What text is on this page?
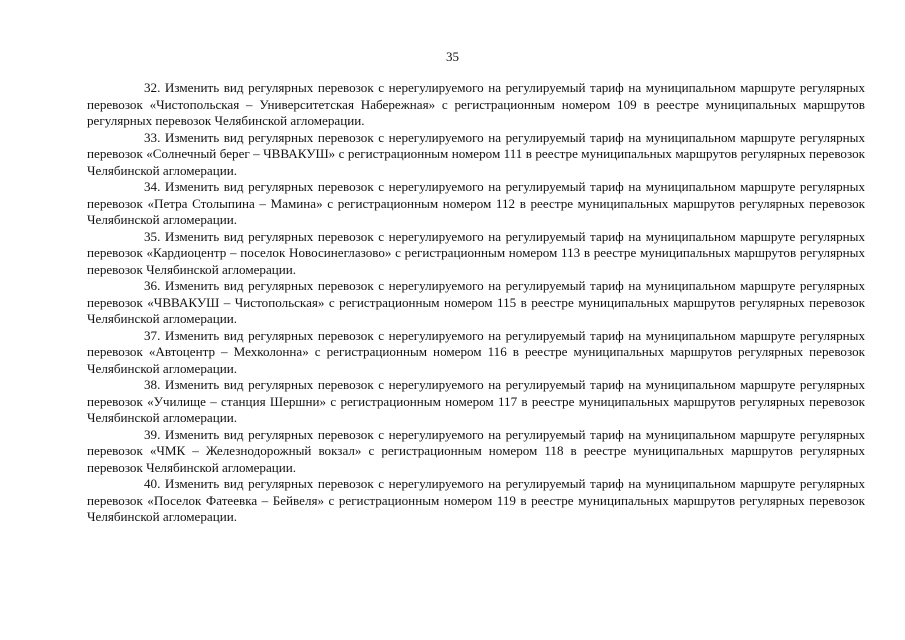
35

32. Изменить вид регулярных перевозок с нерегулируемого на регулируемый тариф на муниципальном маршруте регулярных перевозок «Чистопольская – Университетская Набережная» с регистрационным номером 109 в реестре муниципальных маршрутов регулярных перевозок Челябинской агломерации.

33. Изменить вид регулярных перевозок с нерегулируемого на регулируемый тариф на муниципальном маршруте регулярных перевозок «Солнечный берег – ЧВВАКУШ» с регистрационным номером 111 в реестре муниципальных маршрутов регулярных перевозок Челябинской агломерации.

34. Изменить вид регулярных перевозок с нерегулируемого на регулируемый тариф на муниципальном маршруте регулярных перевозок «Петра Столыпина – Мамина» с регистрационным номером 112 в реестре муниципальных маршрутов регулярных перевозок Челябинской агломерации.

35. Изменить вид регулярных перевозок с нерегулируемого на регулируемый тариф на муниципальном маршруте регулярных перевозок «Кардиоцентр – поселок Новосинеглазово» с регистрационным номером 113 в реестре муниципальных маршрутов регулярных перевозок Челябинской агломерации.

36. Изменить вид регулярных перевозок с нерегулируемого на регулируемый тариф на муниципальном маршруте регулярных перевозок «ЧВВАКУШ – Чистопольская» с регистрационным номером 115 в реестре муниципальных маршрутов регулярных перевозок Челябинской агломерации.

37. Изменить вид регулярных перевозок с нерегулируемого на регулируемый тариф на муниципальном маршруте регулярных перевозок «Автоцентр – Мехколонна» с регистрационным номером 116 в реестре муниципальных маршрутов регулярных перевозок Челябинской агломерации.

38. Изменить вид регулярных перевозок с нерегулируемого на регулируемый тариф на муниципальном маршруте регулярных перевозок «Училище – станция Шершни» с регистрационным номером 117 в реестре муниципальных маршрутов регулярных перевозок Челябинской агломерации.

39. Изменить вид регулярных перевозок с нерегулируемого на регулируемый тариф на муниципальном маршруте регулярных перевозок «ЧМК – Железнодорожный вокзал» с регистрационным номером 118 в реестре муниципальных маршрутов регулярных перевозок Челябинской агломерации.

40. Изменить вид регулярных перевозок с нерегулируемого на регулируемый тариф на муниципальном маршруте регулярных перевозок «Поселок Фатеевка – Бейвеля» с регистрационным номером 119 в реестре муниципальных маршрутов регулярных перевозок Челябинской агломерации.
